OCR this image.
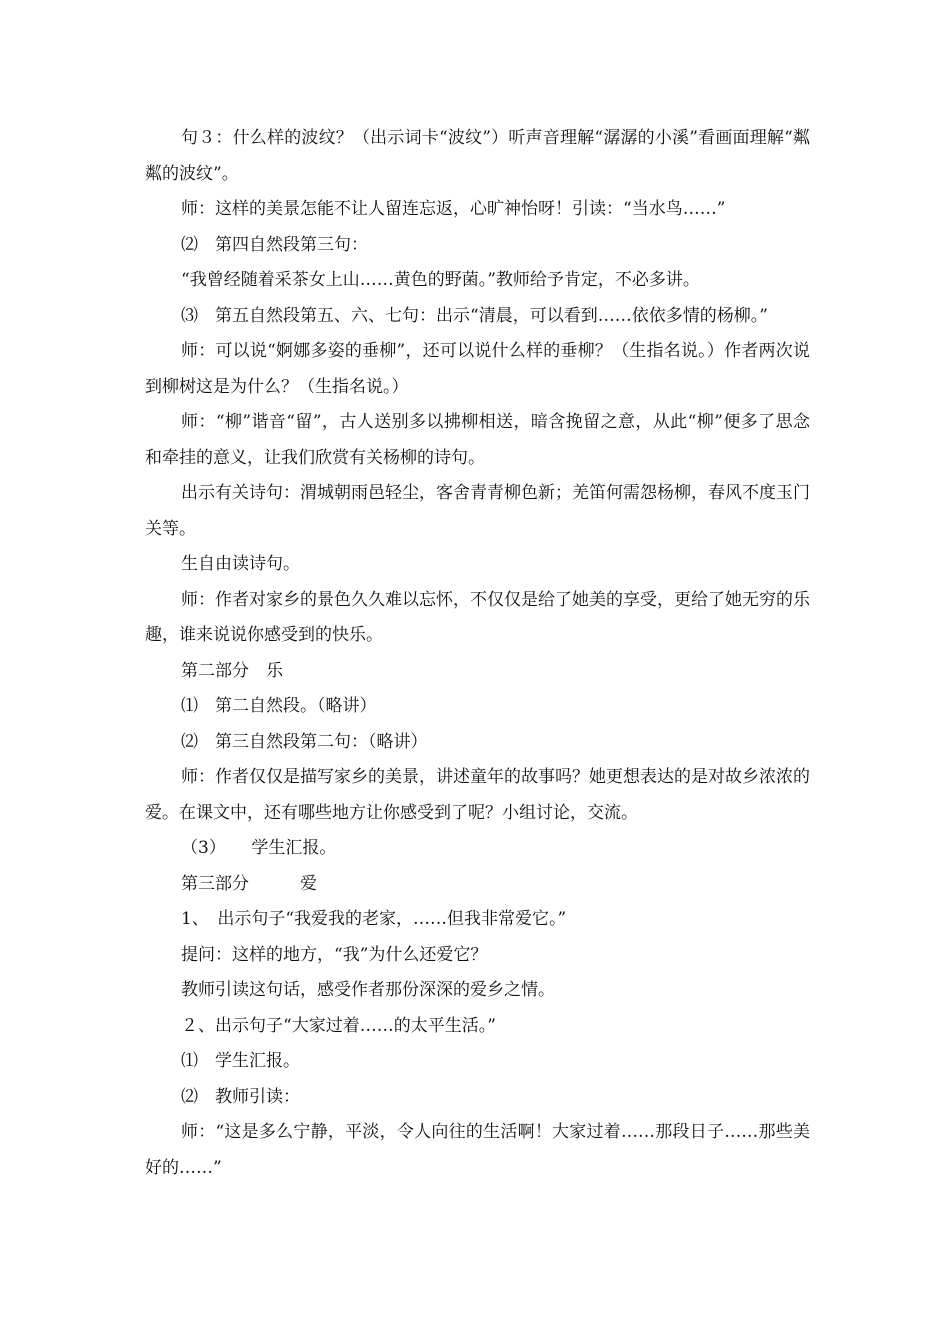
句３：什么样的波纹？（出示词卡“波纹”）听声音理解“潺潺的小溪”看画面理解“粼粼的波纹”。

师：这样的美景怎能不让人留连忘返，心旷神怡呀！引读：“当水鸟……”

⑵　第四自然段第三句：

“我曾经随着采茶女上山……黄色的野菌。”教师给予肯定，不必多讲。

⑶　第五自然段第五、六、七句：出示“清晨，可以看到……依依多情的杨柳。”

师：可以说“婀娜多姿的垂柳”，还可以说什么样的垂柳？（生指名说。）作者两次说到柳树这是为什么？（生指名说。）

师：“柳”谐音“留”，古人送别多以拂柳相送，暗含挽留之意，从此“柳”便多了思念和牵挂的意义，让我们欣赏有关杨柳的诗句。

出示有关诗句：渭城朝雨邑轻尘，客舍青青柳色新；羌笛何需怨杨柳，春风不度玉门关等。

生自由读诗句。

师：作者对家乡的景色久久难以忘怀，不仅仅是给了她美的享受，更给了她无穷的乐趣，谁来说说你感受到的快乐。

第二部分　乐

⑴　第二自然段。（略讲）

⑵　第三自然段第二句：（略讲）

师：作者仅仅是描写家乡的美景，讲述童年的故事吗？她更想表达的是对故乡浓浓的爱。在课文中，还有哪些地方让你感受到了呢？小组讨论，交流。

（3）　　学生汇报。

第三部分　　　爱

1、　出示句子“我爱我的老家，……但我非常爱它。”

提问：这样的地方，“我”为什么还爱它？

教师引读这句话，感受作者那份深深的爱乡之情。

２、出示句子“大家过着……的太平生活。”

⑴　学生汇报。

⑵　教师引读：

师：“这是多么宁静，平淡，令人向往的生活啊！大家过着……那段日子……那些美好的……”
